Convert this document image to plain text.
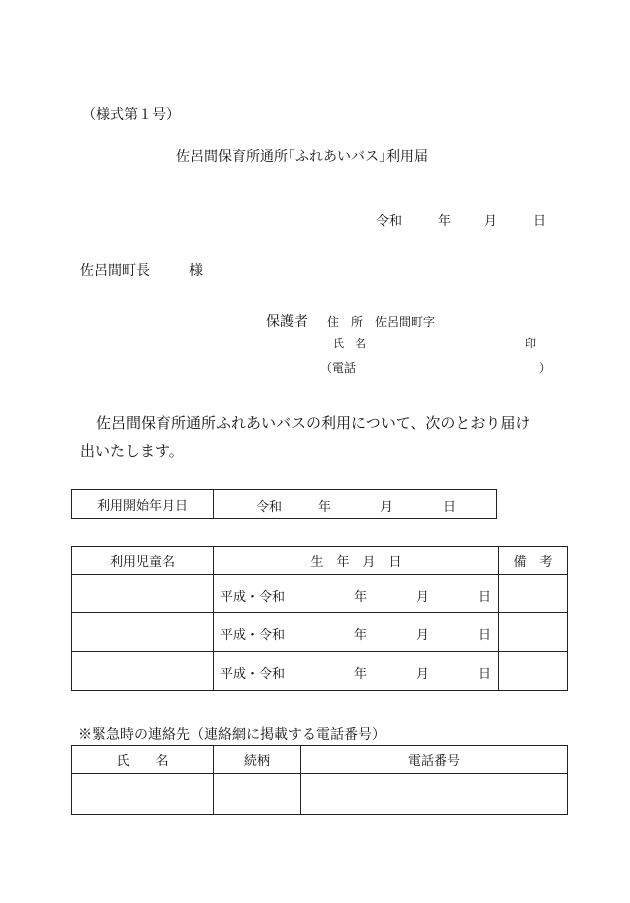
（様式第１号）
佐呂間保育所通所｢ふれあいバス｣利用届
令和	年	月	日
佐呂間町長	様
保護者 住　所 佐呂間町字
氏　名	印
（電話	）
佐呂間保育所通所ふれあいバスの利用について、次のとおり届け
出いたします。
利用開始年月日	令和	年	月	日
利用児童名	生　年　月　日	備　考

	平成・令和 年 月 日	

	平成・令和 年 月 日	

	平成・令和 年 月 日	

※緊急時の連絡先（連絡網に掲載する電話番号）
氏　　名	続柄	電話番号
